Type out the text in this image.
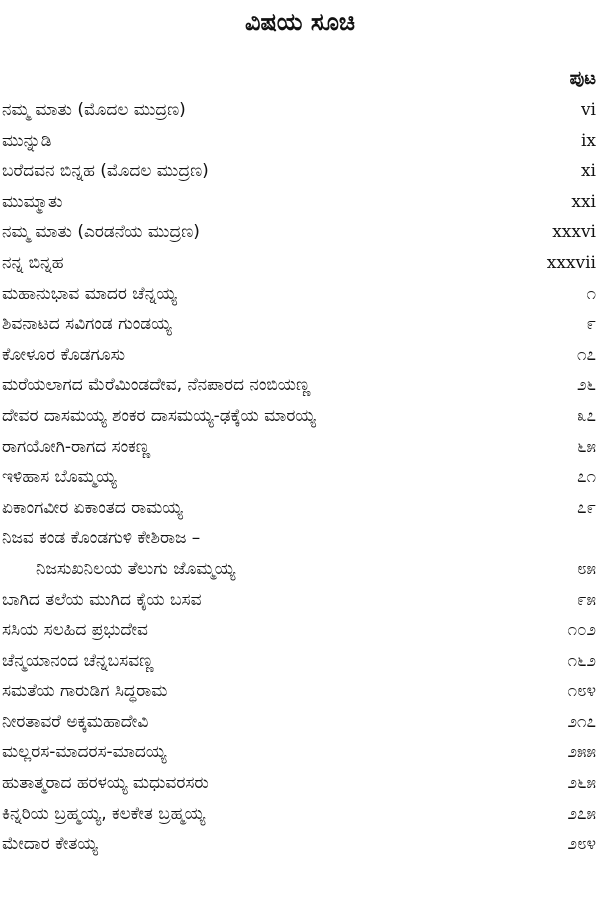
ವಿಷಯ ಸೂಚಿ
ಪುಟ
ನಮ್ಮ ಮಾತು (ಮೊದಲ ಮುದ್ರಣ)	vi
ಮುನ್ನುಡಿ	ix
ಬರೆದವನ ಬಿನ್ನಹ (ಮೊದಲ ಮುದ್ರಣ)	xi
ಮುಮ್ಮಾತು	xxi
ನಮ್ಮ ಮಾತು (ಎರಡನೆಯ ಮುದ್ರಣ)	xxxvi
ನನ್ನ ಬಿನ್ನಹ	xxxvii
ಮಹಾನುಭಾವ ಮಾದರ ಚೆನ್ನಯ್ಯ	೧
ಶಿವನಾಟದ ಸವಿಗಂಡ ಗುಂಡಯ್ಯ	೯
ಕೋಳೂರ ಕೊಡಗೂಸು	೧೭
ಮರೆಯಲಾಗದ ಮೆರೆಮಿಂಡದೇವ, ನೆನಪಾರದ ನಂಬಿಯಣ್ಣ	೨೬
ದೇವರ ದಾಸಮಯ್ಯ ಶಂಕರ ದಾಸಮಯ್ಯ-ಢಕ್ಕೆಯ ಮಾರಯ್ಯ	೩೭
ರಾಗಯೋಗಿ-ರಾಗದ ಸಂಕಣ್ಣ	೬೫
ಇಳಿಹಾಸ ಬೊಮ್ಮಯ್ಯ	೭೧
ಏಕಾಂಗವೀರ ಏಕಾಂತದ ರಾಮಯ್ಯ	೭೯
ನಿಜವ ಕಂಡ ಕೊಂಡಗುಳಿ ಕೇಶಿರಾಜ –
ನಿಜಸುಖನಿಲಯ ತೆಲುಗು ಜೊಮ್ಮಯ್ಯ	೮೫
ಬಾಗಿದ ತಲೆಯ ಮುಗಿದ ಕೈಯ ಬಸವ	೯೫
ಸಸಿಯ ಸಲಹಿದ ಪ್ರಭುದೇವ	೧೦೨
ಚೆನ್ಮಯಾನಂದ ಚೆನ್ನಬಸವಣ್ಣ	೧೬೨
ಸಮತೆಯ ಗಾರುಡಿಗ ಸಿದ್ಧರಾಮ	೧೮೪
ನೀರತಾವರೆ ಅಕ್ಕಮಹಾದೇವಿ	೨೧೭
ಮಲ್ಲರಸ-ಮಾದರಸ-ಮಾದಯ್ಯ	೨೫೫
ಹುತಾತ್ಮರಾದ ಹರಳಯ್ಯ ಮಧುವರಸರು	೨೬೫
ಕಿನ್ನರಿಯ ಬ್ರಹ್ಮಯ್ಯ, ಕಲಕೇತ ಬ್ರಹ್ಮಯ್ಯ	೨೭೫
ಮೇದಾರ ಕೇತಯ್ಯ	೨೮೪
